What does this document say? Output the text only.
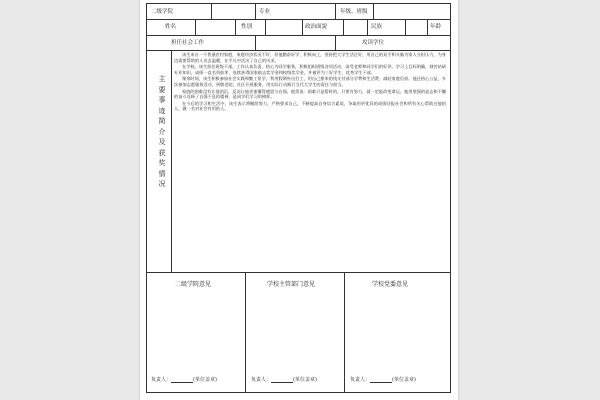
二级学院	专业	年级、班级
姓名	性别	政治面貌	民族	年龄
担任社会工作	攻读学位
主
要
事
迹
简
介
及
获
奖
情
况
二级学院意见	学校主管部门意见	学校党委意见
负责人：	(单位盖章)	负责人：	(单位盖章)	负责人：	(单位盖章)

该生来自一个普通农村家庭，家庭经济状况不好，但他勤奋好学、积极向上，坚持把大学生活过好，用自己的双手和头脑为家人分担压力，为身边需要帮助的人送去温暖，在平凡中活出了自己的风采。

在学校，该生担任班级干部，工作认真负责，热心为同学服务，积极组织班级各项活动，深受老师和同学们的好评。学习上目标明确，刻苦钻研专业知识，成绩一直名列前茅，连续获得国家励志奖学金和校级奖学金，并被评为三好学生、优秀学生干部。

课余时间，该生积极参加社会实践和勤工俭学，利用假期外出打工，用自己挣来的钱支付部分学费和生活费，减轻家庭负担。他还热心公益，多次参加志愿服务活动，到敬老院、社区开展服务，用实际行动践行当代大学生的责任与担当。

家庭的困难没有让他消沉，反而让他更加懂得感恩与自强。他常说：困难只是暂时的，只要肯努力，就一定能改变命运。他用坚强的意志和不懈的奋斗诠释了自强不息的精神，是同学们学习的榜样。

在今后的学习和生活中，该生表示将继续努力，严格要求自己，不断提高自身综合素质，争取用更优异的成绩回报社会和所有关心帮助过他的人，做一名对社会有用的人。
